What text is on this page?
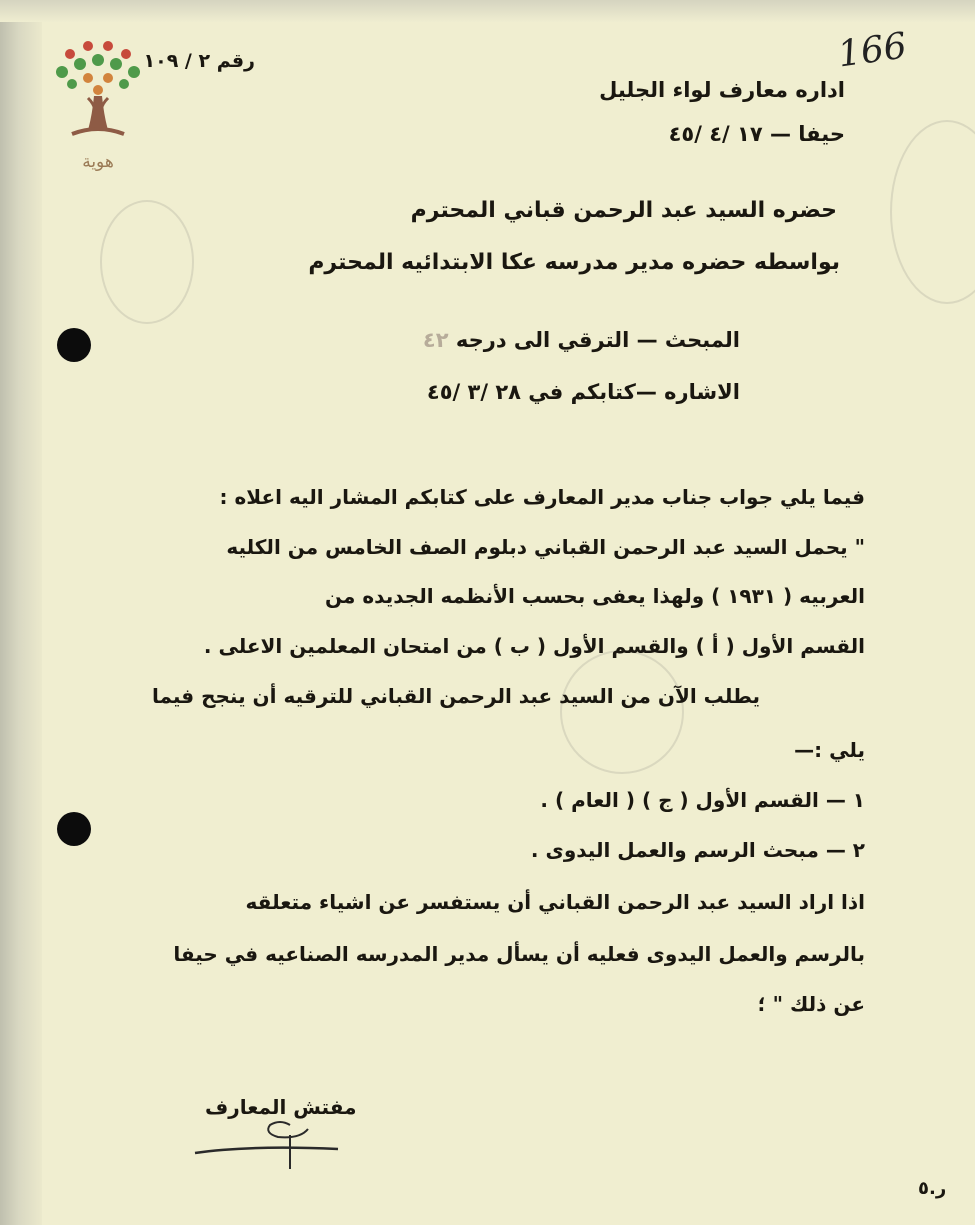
هوية
166
رقم ٢ / ١٠٩
اداره معارف لواء الجليل
حيفا — ١٧ /٤ /٤٥
حضره السيد عبد الرحمن قباني المحترم
بواسطه حضره مدير مدرسه عكا الابتدائيه المحترم
المبحث — الترقي الى درجه ٤٢
الاشاره —كتابكم في ٢٨ /٣ /٤٥
فيما يلي جواب جناب مدير المعارف على كتابكم المشار اليه اعلاه :
" يحمل السيد عبد الرحمن القباني دبلوم الصف الخامس من الكليه
العربيه ( ١٩٣١ ) ولهذا يعفى بحسب الأنظمه الجديده من
القسم الأول ( أ ) والقسم الأول ( ب ) من امتحان المعلمين الاعلى .
يطلب الآن من السيد عبد الرحمن القباني للترقيه أن ينجح فيما
يلي :—
١ — القسم الأول ( ج ) ( العام ) .
٢ — مبحث الرسم والعمل اليدوى .
اذا اراد السيد عبد الرحمن القباني أن يستفسر عن اشياء متعلقه
بالرسم والعمل اليدوى فعليه أن يسأل مدير المدرسه الصناعيه في حيفا
عن ذلك " ؛
مفتش المعارف
ر.٥
